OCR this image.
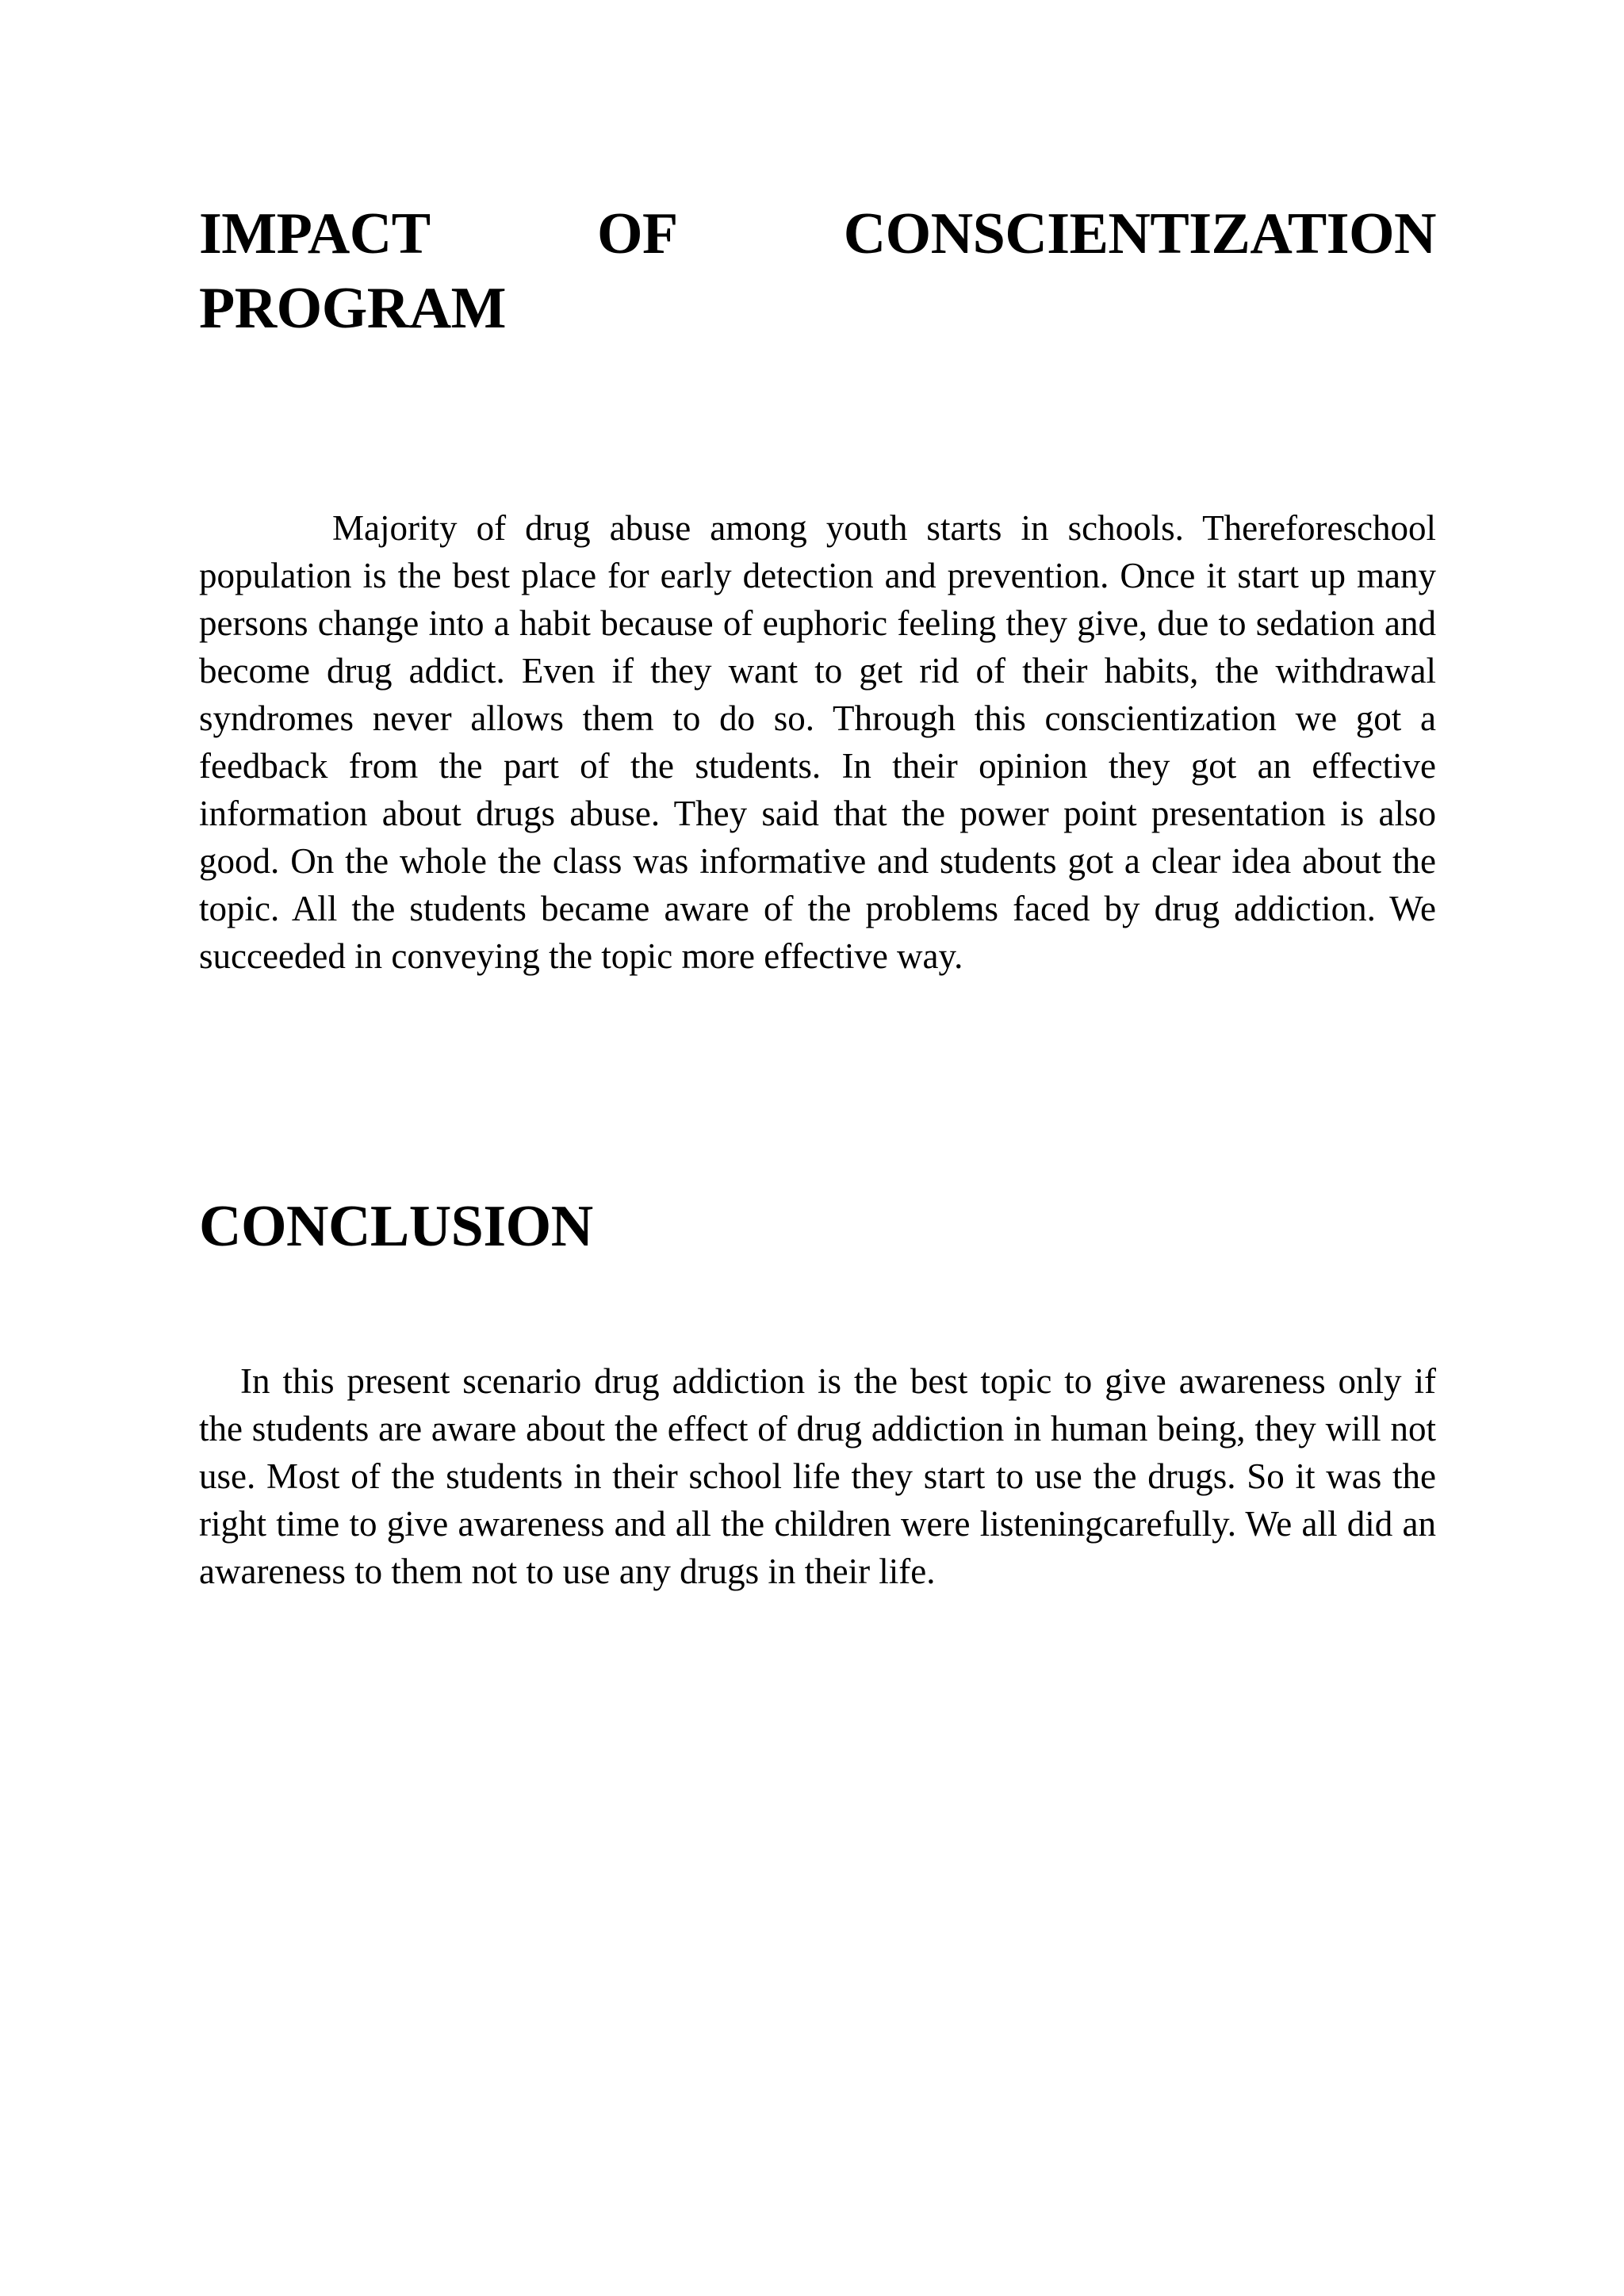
IMPACT OF CONSCIENTIZATION
PROGRAM

Majority of drug abuse among youth starts in schools. Thereforeschool population is the best place for early detection and prevention. Once it start up many persons change into a habit because of euphoric feeling they give, due to sedation and become drug addict. Even if they want to get rid of their habits, the withdrawal syndromes never allows them to do so. Through this conscientization we got a feedback from the part of the students. In their opinion they got an effective information about drugs abuse. They said that the power point presentation is also good. On the whole the class was informative and students got a clear idea about the topic. All the students became aware of the problems faced by drug addiction. We succeeded in conveying the topic more effective way.

CONCLUSION

In this present scenario drug addiction is the best topic to give awareness only if the students are aware about the effect of drug addiction in human being, they will not use. Most of the students in their school life they start to use the drugs. So it was the right time to give awareness and all the children were listeningcarefully. We all did an awareness to them not to use any drugs in their life.
